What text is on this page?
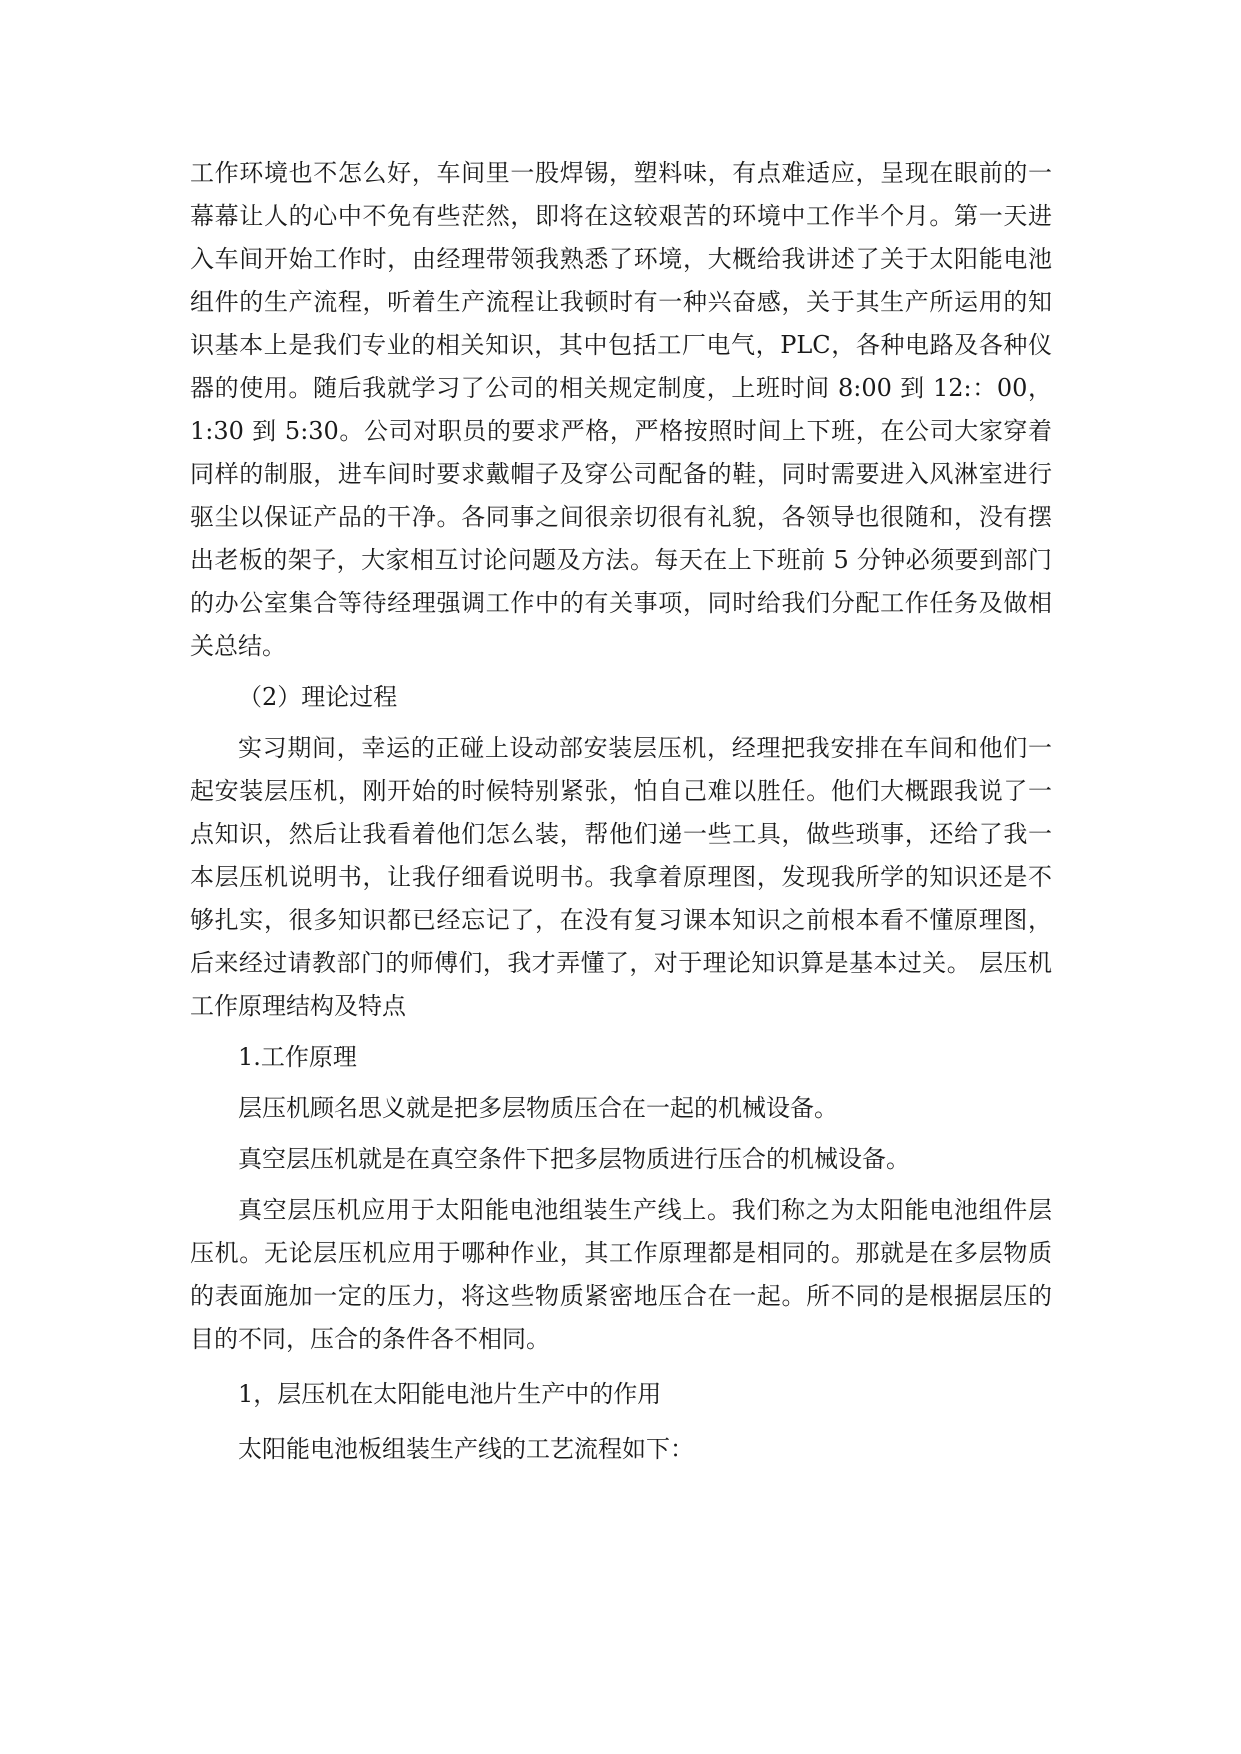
工作环境也不怎么好，车间里一股焊锡，塑料味，有点难适应，呈现在眼前的一幕幕让人的心中不免有些茫然，即将在这较艰苦的环境中工作半个月。第一天进入车间开始工作时，由经理带领我熟悉了环境，大概给我讲述了关于太阳能电池组件的生产流程，听着生产流程让我顿时有一种兴奋感，关于其生产所运用的知识基本上是我们专业的相关知识，其中包括工厂电气，PLC，各种电路及各种仪器的使用。随后我就学习了公司的相关规定制度，上班时间 8:00 到 12:：00，1:30 到 5:30。公司对职员的要求严格，严格按照时间上下班，在公司大家穿着同样的制服，进车间时要求戴帽子及穿公司配备的鞋，同时需要进入风淋室进行驱尘以保证产品的干净。各同事之间很亲切很有礼貌，各领导也很随和，没有摆出老板的架子，大家相互讨论问题及方法。每天在上下班前 5 分钟必须要到部门的办公室集合等待经理强调工作中的有关事项，同时给我们分配工作任务及做相关总结。

（2）理论过程

实习期间，幸运的正碰上设动部安装层压机，经理把我安排在车间和他们一起安装层压机，刚开始的时候特别紧张，怕自己难以胜任。他们大概跟我说了一点知识，然后让我看着他们怎么装，帮他们递一些工具，做些琐事，还给了我一本层压机说明书，让我仔细看说明书。我拿着原理图，发现我所学的知识还是不够扎实，很多知识都已经忘记了，在没有复习课本知识之前根本看不懂原理图，后来经过请教部门的师傅们，我才弄懂了，对于理论知识算是基本过关。 层压机工作原理结构及特点

1.工作原理

层压机顾名思义就是把多层物质压合在一起的机械设备。

真空层压机就是在真空条件下把多层物质进行压合的机械设备。

真空层压机应用于太阳能电池组装生产线上。我们称之为太阳能电池组件层压机。无论层压机应用于哪种作业，其工作原理都是相同的。那就是在多层物质的表面施加一定的压力，将这些物质紧密地压合在一起。所不同的是根据层压的目的不同，压合的条件各不相同。

1，层压机在太阳能电池片生产中的作用

太阳能电池板组装生产线的工艺流程如下：
